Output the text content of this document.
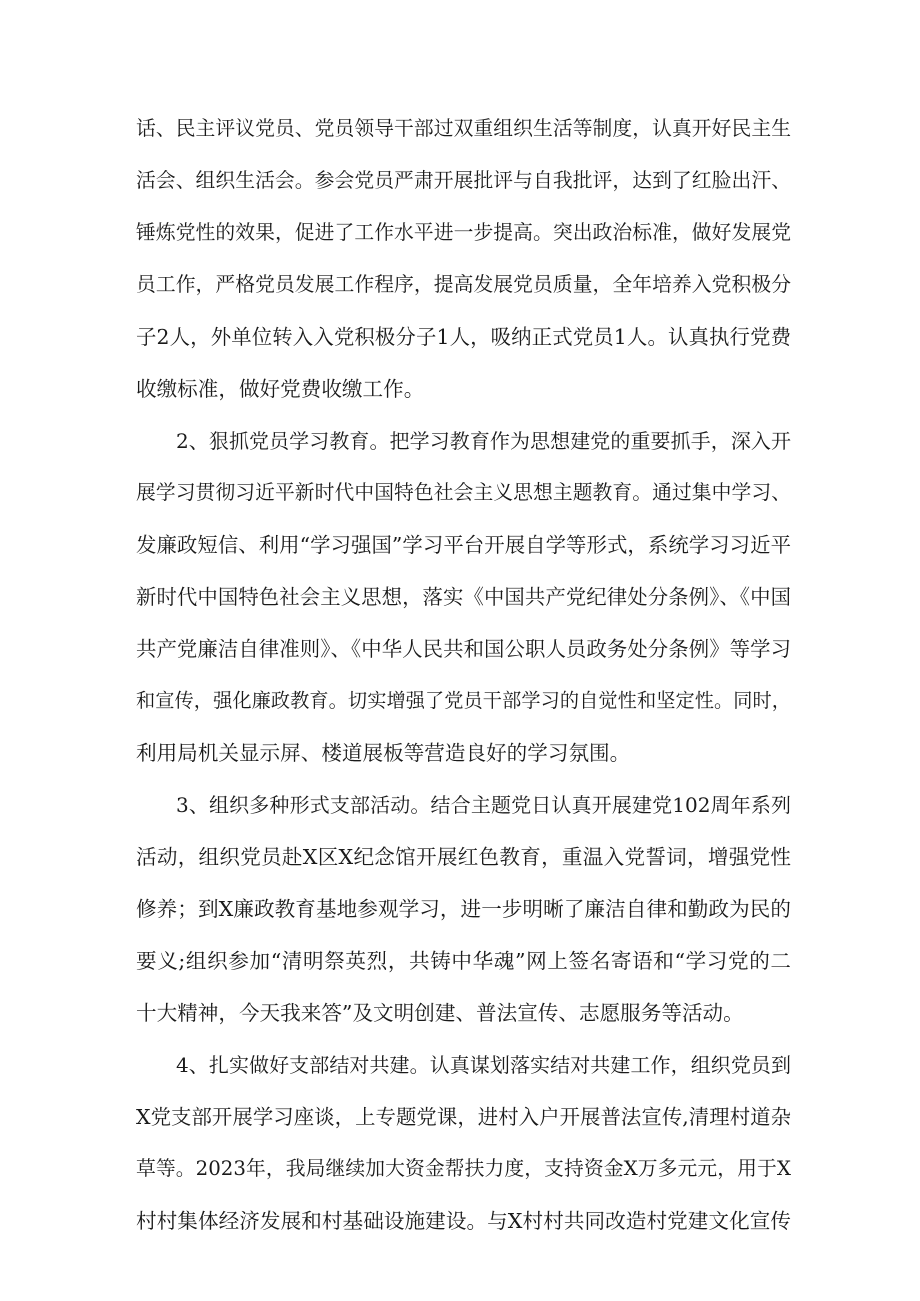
话、民主评议党员、党员领导干部过双重组织生活等制度，认真开好民主生

活会、组织生活会。参会党员严肃开展批评与自我批评，达到了红脸出汗、

锤炼党性的效果，促进了工作水平进一步提高。突出政治标准，做好发展党

员工作，严格党员发展工作程序，提高发展党员质量，全年培养入党积极分

子2人，外单位转入入党积极分子1人，吸纳正式党员1人。认真执行党费

收缴标准，做好党费收缴工作。

2、狠抓党员学习教育。把学习教育作为思想建党的重要抓手，深入开

展学习贯彻习近平新时代中国特色社会主义思想主题教育。通过集中学习、

发廉政短信、利用“学习强国”学习平台开展自学等形式，系统学习习近平

新时代中国特色社会主义思想，落实《中国共产党纪律处分条例》、《中国

共产党廉洁自律准则》、《中华人民共和国公职人员政务处分条例》等学习

和宣传，强化廉政教育。切实增强了党员干部学习的自觉性和坚定性。同时，

利用局机关显示屏、楼道展板等营造良好的学习氛围。

3、组织多种形式支部活动。结合主题党日认真开展建党102周年系列

活动，组织党员赴X区X纪念馆开展红色教育，重温入党誓词，增强党性

修养；到X廉政教育基地参观学习，进一步明晰了廉洁自律和勤政为民的

要义;组织参加“清明祭英烈，共铸中华魂”网上签名寄语和“学习党的二

十大精神，今天我来答”及文明创建、普法宣传、志愿服务等活动。

4、扎实做好支部结对共建。认真谋划落实结对共建工作，组织党员到

X党支部开展学习座谈，上专题党课，进村入户开展普法宣传,清理村道杂

草等。2023年，我局继续加大资金帮扶力度，支持资金X万多元元，用于X

村村集体经济发展和村基础设施建设。与X村村共同改造村党建文化宣传
